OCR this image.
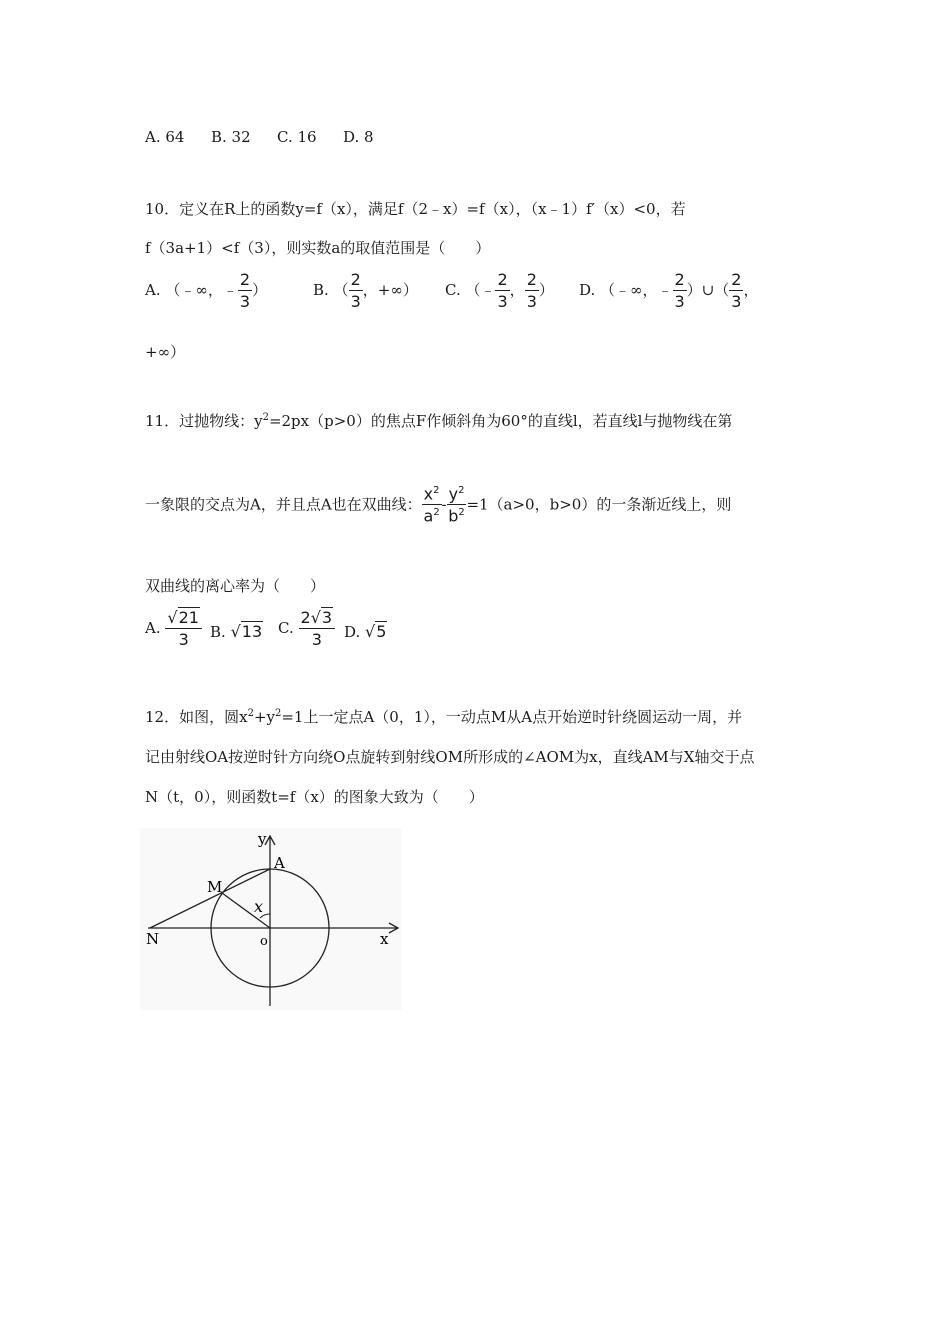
A. 64 B. 32 C. 16 D. 8
10．定义在R上的函数y=f（x），满足f（2﹣x）=f（x），（x﹣1）f′（x）<0，若
f（3a+1）<f（3），则实数a的取值范围是（　　）
A. （﹣∞，﹣ $\frac{2}{3}$ ）	B. （ $\frac{2}{3}$ ，+∞） C. （﹣ $\frac{2}{3}$ ， $\frac{2}{3}$ ） D. （﹣∞，﹣ $\frac{2}{3}$ ）∪（ $\frac{2}{3}$ ，
+∞）
11．过抛物线：$y^2=2px(p>0)$的焦点F作倾斜角为60°的直线l，若直线l与抛物线在第
一象限的交点为A，并且点A也在双曲线： $\frac{x^2}{a^2} - \frac{y^2}{b^2} =1(a>0$，b>0）的一条渐近线上，则
双曲线的离心率为（　　）
A. $\frac{√21}{3} B$. √13 C. $\frac{2√3}{3} D$. √5
12．如图，圆$x^2+y^2=1$上一定点A（0，1），一动点M从A点开始逆时针绕圆运动一周，并
记由射线OA按逆时针方向绕O点旋转到射线OM所形成的∠AOM为x，直线AM与X轴交于点
N（t，0），则函数t=f（x）的图象大致为（　　）
y
A
M
x
N	o	x
